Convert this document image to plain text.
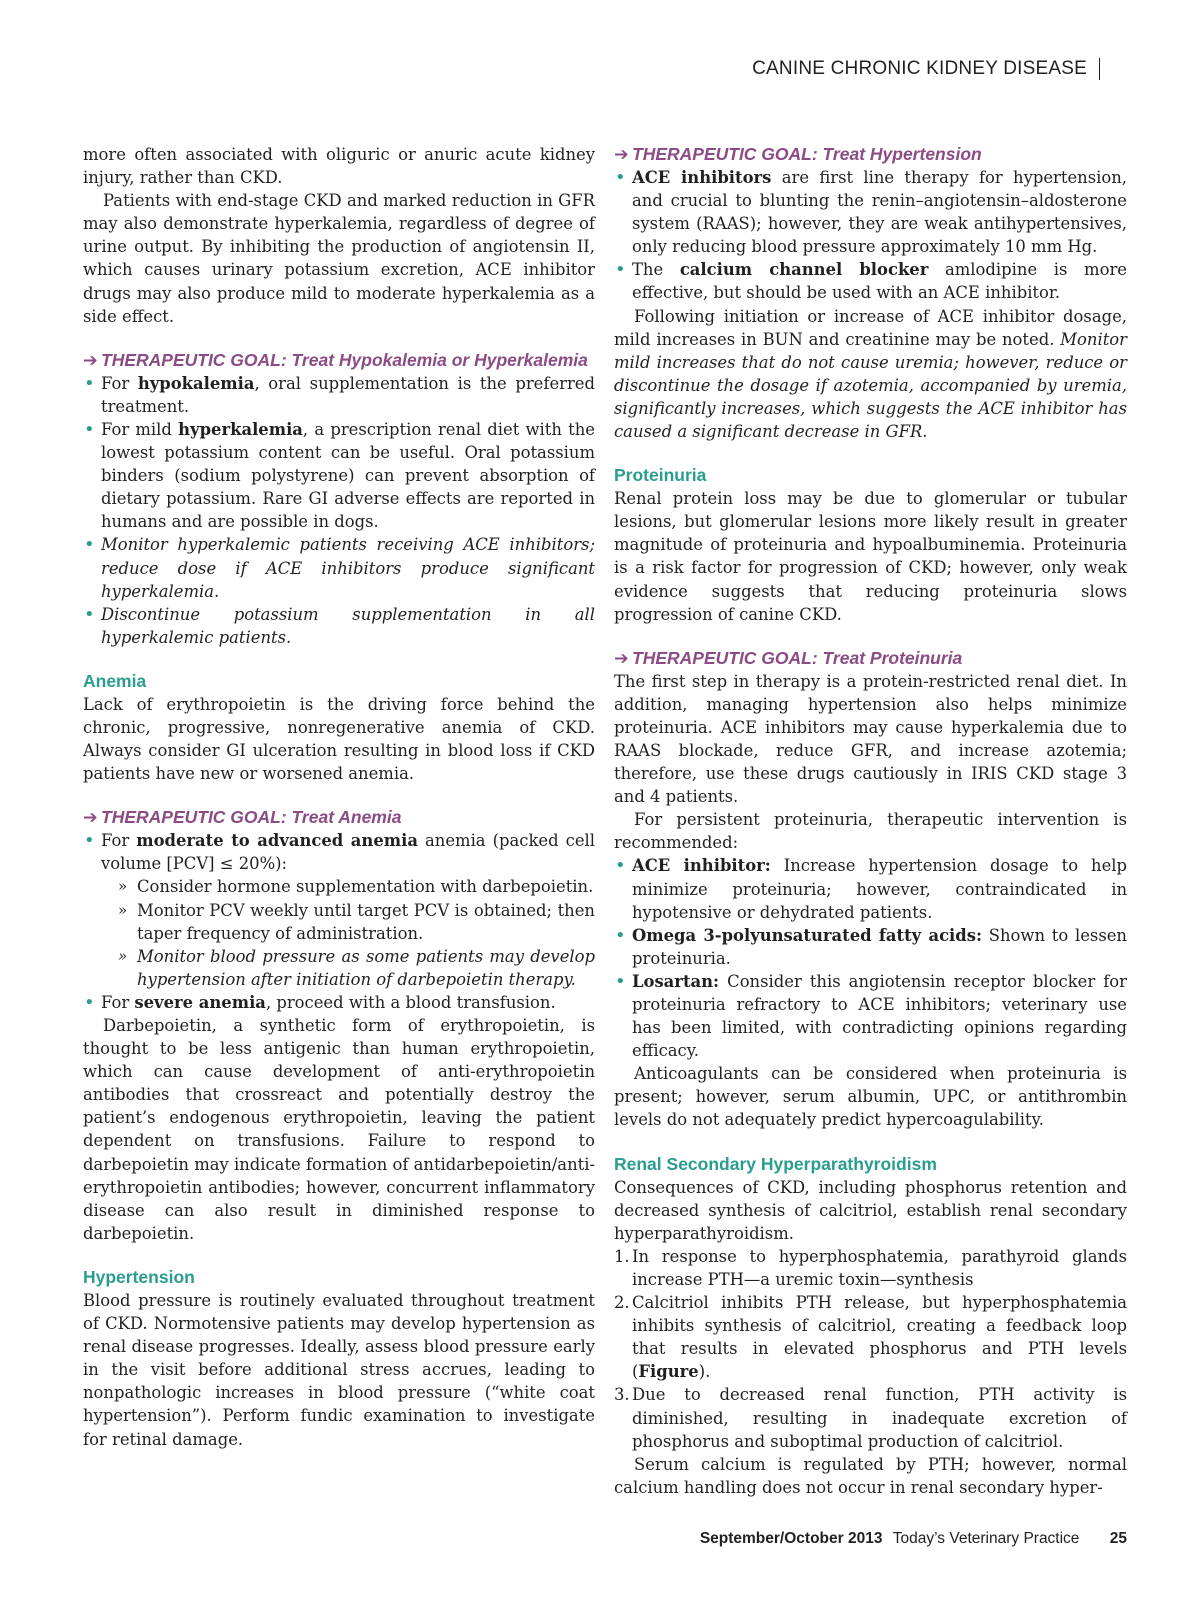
CANINE CHRONIC KIDNEY DISEASE

more often associated with oliguric or anuric acute kidney injury, rather than CKD.

Patients with end-stage CKD and marked reduction in GFR may also demonstrate hyperkalemia, regardless of degree of urine output. By inhibiting the production of angiotensin II, which causes urinary potassium excretion, ACE inhibitor drugs may also produce mild to moderate hyperkalemia as a side effect.

➔ THERAPEUTIC GOAL: Treat Hypokalemia or Hyperkalemia
• For hypokalemia, oral supplementation is the preferred treatment.
• For mild hyperkalemia, a prescription renal diet with the lowest potassium content can be useful. Oral potassium binders (sodium polystyrene) can prevent absorption of dietary potassium. Rare GI adverse effects are reported in humans and are possible in dogs.
• Monitor hyperkalemic patients receiving ACE inhibitors; reduce dose if ACE inhibitors produce significant hyperkalemia.
• Discontinue potassium supplementation in all hyperkalemic patients.
Anemia

Lack of erythropoietin is the driving force behind the chronic, progressive, nonregenerative anemia of CKD. Always consider GI ulceration resulting in blood loss if CKD patients have new or worsened anemia.

➔ THERAPEUTIC GOAL: Treat Anemia
• For moderate to advanced anemia anemia (packed cell volume [PCV] ≤ 20%):
» Consider hormone supplementation with darbepoietin.
» Monitor PCV weekly until target PCV is obtained; then taper frequency of administration.
» Monitor blood pressure as some patients may develop hypertension after initiation of darbepoietin therapy.
• For severe anemia, proceed with a blood transfusion.

Darbepoietin, a synthetic form of erythropoietin, is thought to be less antigenic than human erythropoietin, which can cause development of anti-erythropoietin antibodies that crossreact and potentially destroy the patient’s endogenous erythropoietin, leaving the patient dependent on transfusions. Failure to respond to darbepoietin may indicate formation of antidarbepoietin/anti-erythropoietin antibodies; however, concurrent inflammatory disease can also result in diminished response to darbepoietin.

Hypertension

Blood pressure is routinely evaluated throughout treatment of CKD. Normotensive patients may develop hypertension as renal disease progresses. Ideally, assess blood pressure early in the visit before additional stress accrues, leading to nonpathologic increases in blood pressure (“white coat hypertension”). Perform fundic examination to investigate for retinal damage.

➔ THERAPEUTIC GOAL: Treat Hypertension
• ACE inhibitors are first line therapy for hypertension, and crucial to blunting the renin–angiotensin–aldosterone system (RAAS); however, they are weak antihypertensives, only reducing blood pressure approximately 10 mm Hg.
• The calcium channel blocker amlodipine is more effective, but should be used with an ACE inhibitor.

Following initiation or increase of ACE inhibitor dosage, mild increases in BUN and creatinine may be noted. Monitor mild increases that do not cause uremia; however, reduce or discontinue the dosage if azotemia, accompanied by uremia, significantly increases, which suggests the ACE inhibitor has caused a significant decrease in GFR.

Proteinuria

Renal protein loss may be due to glomerular or tubular lesions, but glomerular lesions more likely result in greater magnitude of proteinuria and hypoalbuminemia. Proteinuria is a risk factor for progression of CKD; however, only weak evidence suggests that reducing proteinuria slows progression of canine CKD.

➔ THERAPEUTIC GOAL: Treat Proteinuria

The first step in therapy is a protein-restricted renal diet. In addition, managing hypertension also helps minimize proteinuria. ACE inhibitors may cause hyperkalemia due to RAAS blockade, reduce GFR, and increase azotemia; therefore, use these drugs cautiously in IRIS CKD stage 3 and 4 patients.

For persistent proteinuria, therapeutic intervention is recommended:

• ACE inhibitor: Increase hypertension dosage to help minimize proteinuria; however, contraindicated in hypotensive or dehydrated patients.
• Omega 3-polyunsaturated fatty acids: Shown to lessen proteinuria.
• Losartan: Consider this angiotensin receptor blocker for proteinuria refractory to ACE inhibitors; veterinary use has been limited, with contradicting opinions regarding efficacy.

Anticoagulants can be considered when proteinuria is present; however, serum albumin, UPC, or antithrombin levels do not adequately predict hypercoagulability.

Renal Secondary Hyperparathyroidism

Consequences of CKD, including phosphorus retention and decreased synthesis of calcitriol, establish renal secondary hyperparathyroidism.

1. In response to hyperphosphatemia, parathyroid glands increase PTH—a uremic toxin—synthesis
2. Calcitriol inhibits PTH release, but hyperphosphatemia inhibits synthesis of calcitriol, creating a feedback loop that results in elevated phosphorus and PTH levels (Figure).
3. Due to decreased renal function, PTH activity is diminished, resulting in inadequate excretion of phosphorus and suboptimal production of calcitriol.

Serum calcium is regulated by PTH; however, normal calcium handling does not occur in renal secondary hyper-

September/October 2013 Today’s Veterinary Practice 25
